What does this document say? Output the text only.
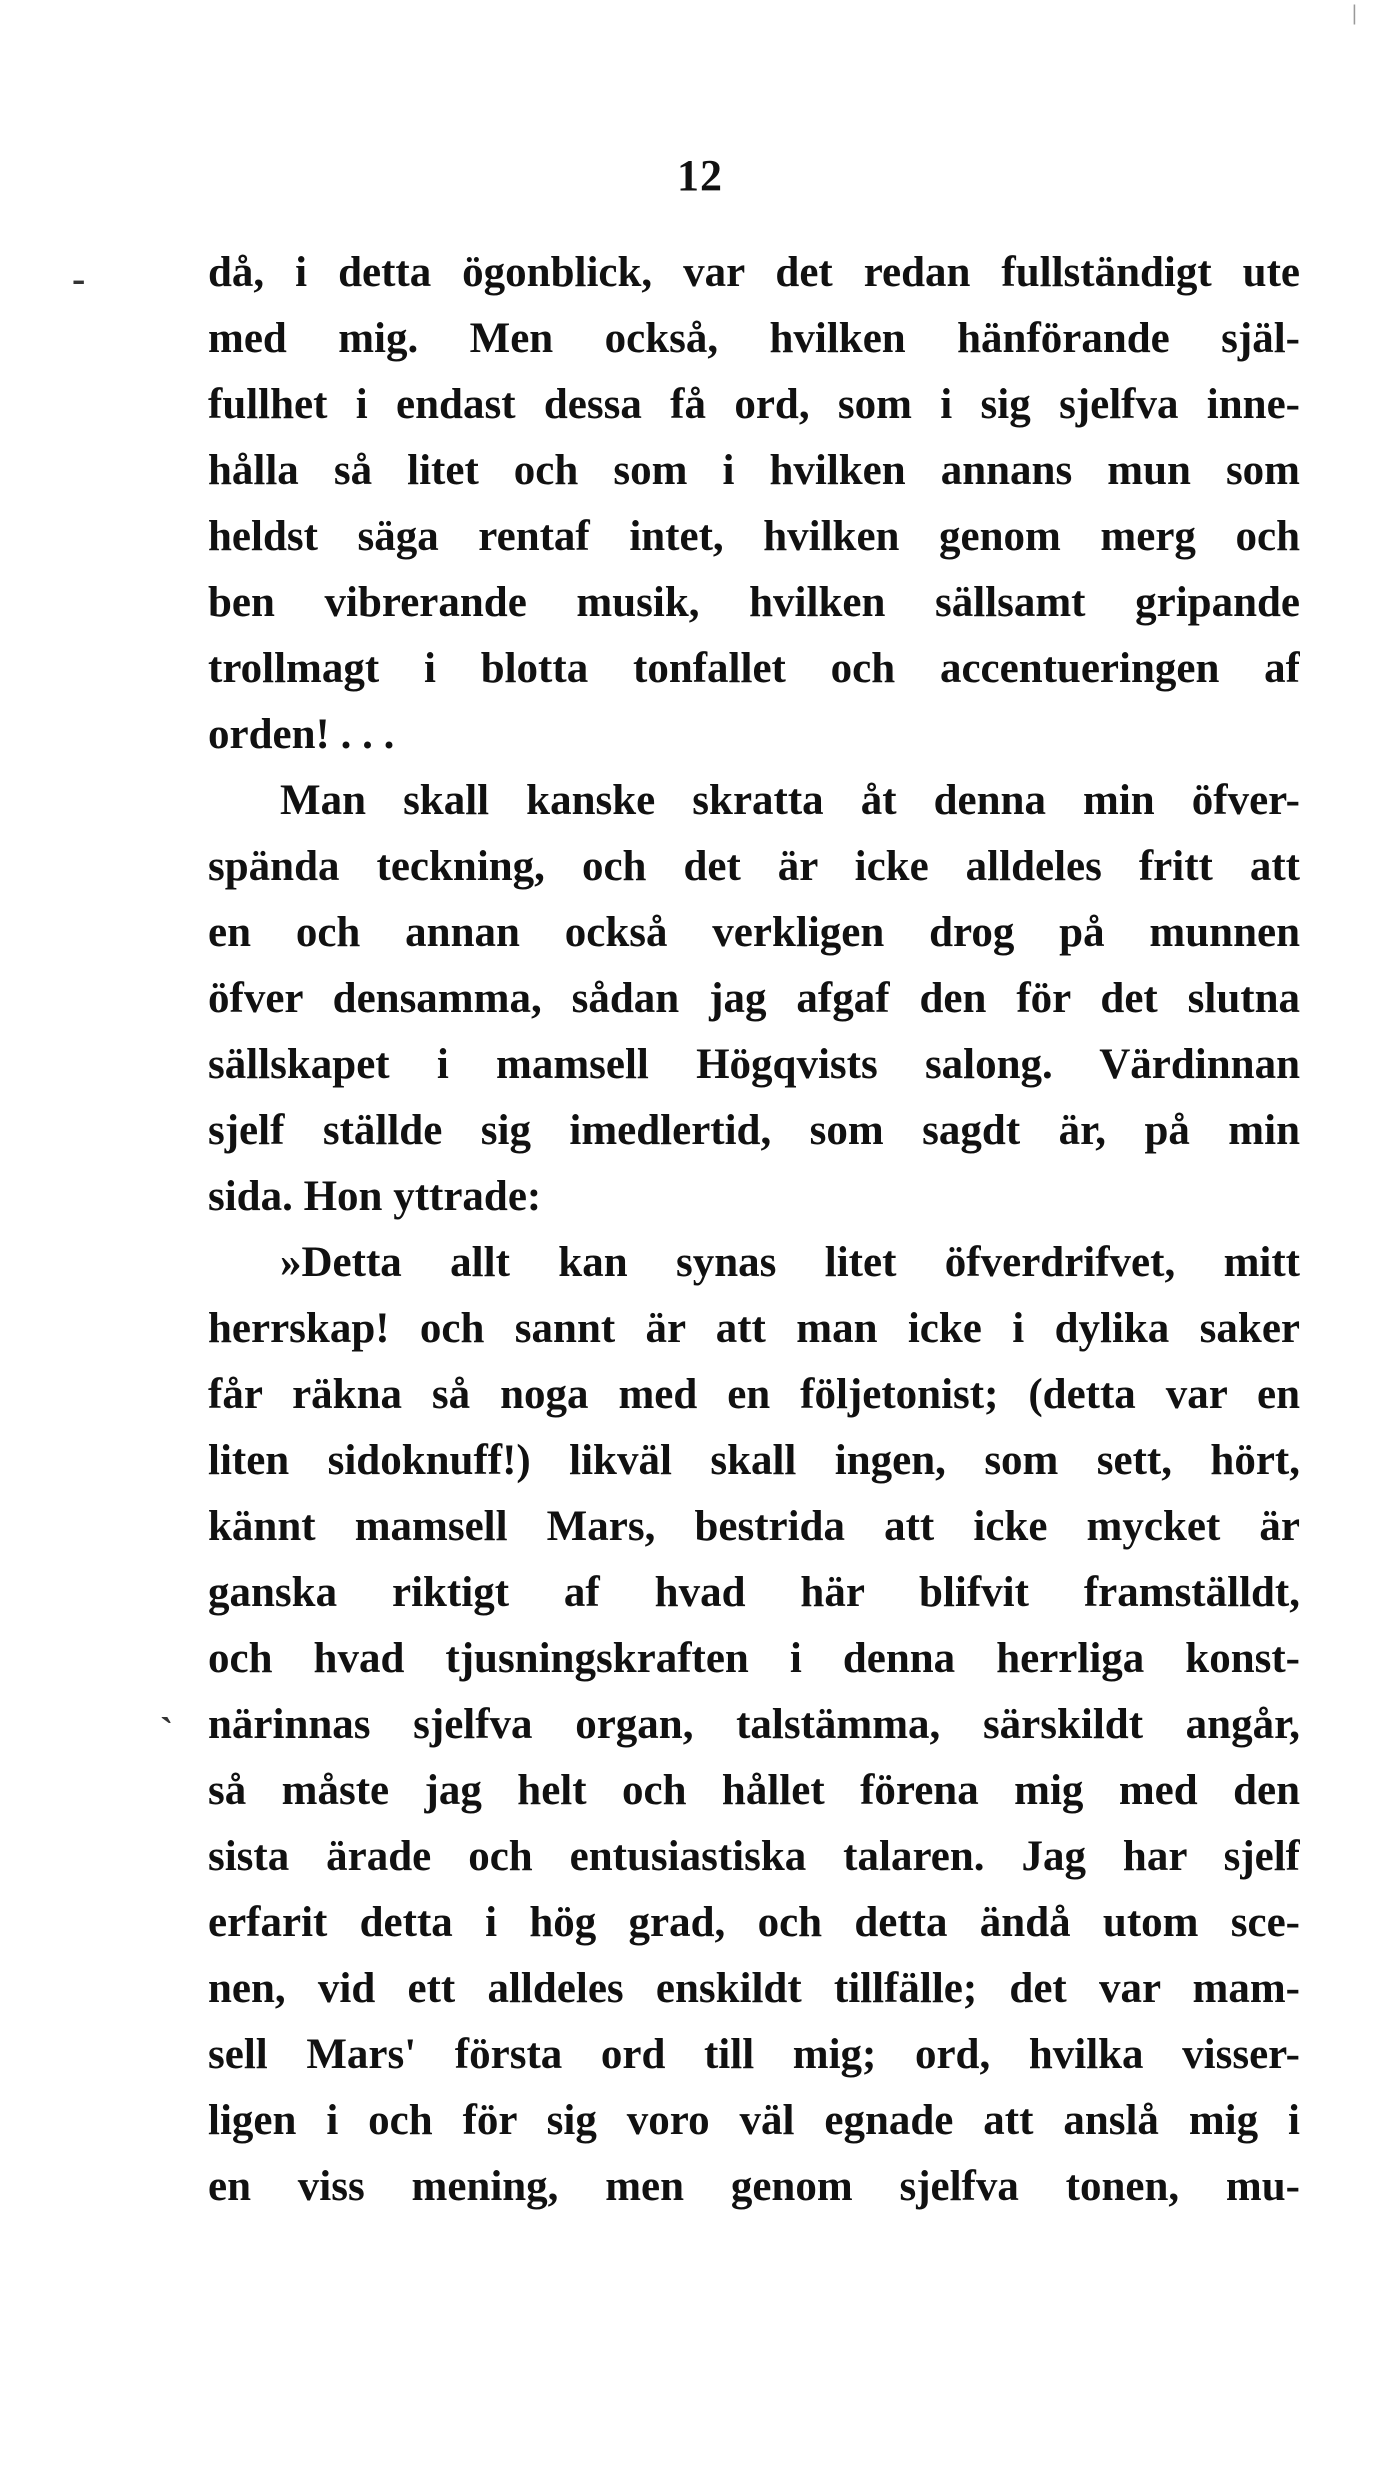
|
12
-
`
då, i detta ögonblick, var det redan fullständigt ute
med mig. Men också, hvilken hänförande själ-
fullhet i endast dessa få ord, som i sig sjelfva inne-
hålla så litet och som i hvilken annans mun som
heldst säga rentaf intet, hvilken genom merg och
ben vibrerande musik, hvilken sällsamt gripande
trollmagt i blotta tonfallet och accentueringen af
orden! . . .
Man skall kanske skratta åt denna min öfver-
spända teckning, och det är icke alldeles fritt att
en och annan också verkligen drog på munnen
öfver densamma, sådan jag afgaf den för det slutna
sällskapet i mamsell Högqvists salong. Värdinnan
sjelf ställde sig imedlertid, som sagdt är, på min
sida. Hon yttrade:
»Detta allt kan synas litet öfverdrifvet, mitt
herrskap! och sannt är att man icke i dylika saker
får räkna så noga med en följetonist; (detta var en
liten sidoknuff!) likväl skall ingen, som sett, hört,
kännt mamsell Mars, bestrida att icke mycket är
ganska riktigt af hvad här blifvit framställdt,
och hvad tjusningskraften i denna herrliga konst-
närinnas sjelfva organ, talstämma, särskildt angår,
så måste jag helt och hållet förena mig med den
sista ärade och entusiastiska talaren. Jag har sjelf
erfarit detta i hög grad, och detta ändå utom sce-
nen, vid ett alldeles enskildt tillfälle; det var mam-
sell Mars' första ord till mig; ord, hvilka visser-
ligen i och för sig voro väl egnade att anslå mig i
en viss mening, men genom sjelfva tonen, mu-
